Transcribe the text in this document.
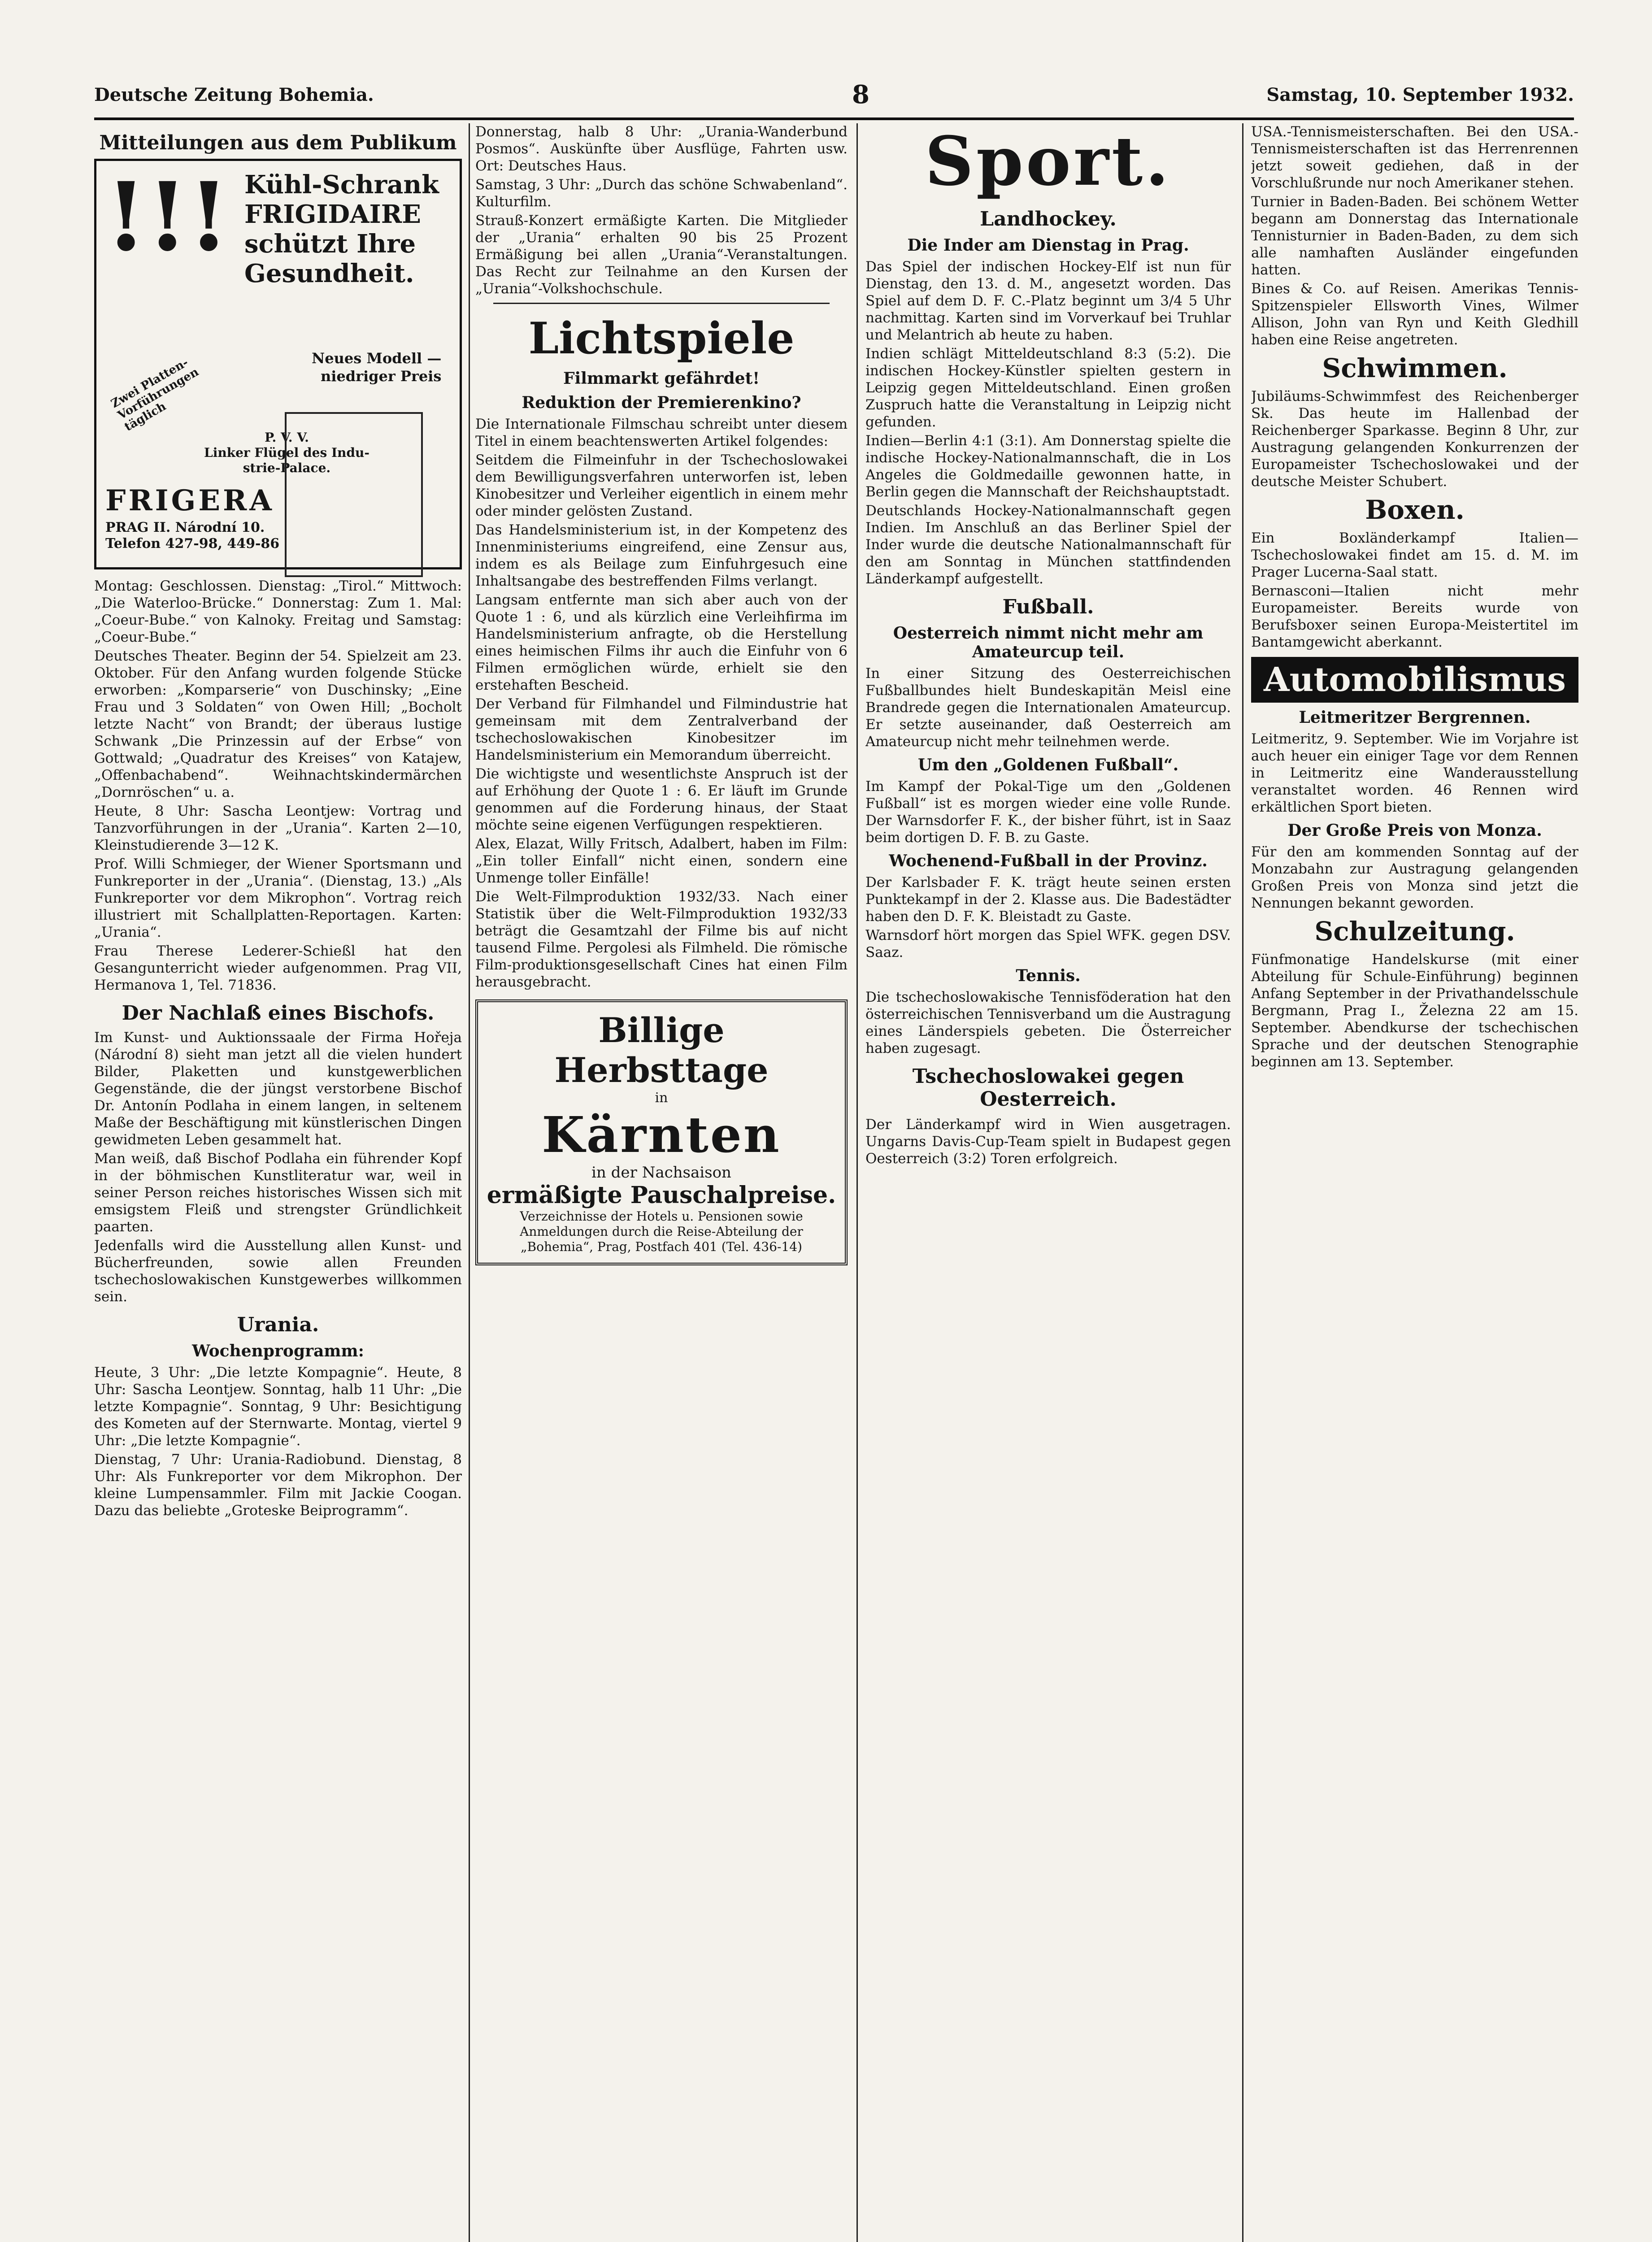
Deutsche Zeitung Bohemia.	8	Samstag, 10. September 1932.
Mitteilungen aus dem Publikum
!!! Kühl-Schrank
FRIGIDAIRE
schützt Ihre
Gesundheit.
Neues Modell —
niedriger Preis
Zwei Platten-Vorführungen täglich
P. V. V.
Linker Flügel des Indu-
strie-Palace.
FRIGERA
PRAG II. Národní 10.
Telefon 427-98, 449-86

Montag: Geschlossen. Dienstag: „Tirol.“ Mittwoch: „Die Waterloo-Brücke.“ Donnerstag: Zum 1. Mal: „Coeur-Bube.“ von Kalnoky. Freitag und Samstag: „Coeur-Bube.“

Deutsches Theater. Beginn der 54. Spielzeit am 23. Oktober. Für den Anfang wurden folgende Stücke erworben: „Komparserie“ von Duschinsky; „Eine Frau und 3 Soldaten“ von Owen Hill; „Bocholt letzte Nacht“ von Brandt; der überaus lustige Schwank „Die Prinzessin auf der Erbse“ von Gottwald; „Quadratur des Kreises“ von Katajew, „Offenbachabend“. Weihnachtskindermärchen „Dornröschen“ u. a.

Heute, 8 Uhr: Sascha Leontjew: Vortrag und Tanzvorführungen in der „Urania“. Karten 2—10, Kleinstudierende 3—12 K.

Prof. Willi Schmieger, der Wiener Sportsmann und Funkreporter in der „Urania“. (Dienstag, 13.) „Als Funkreporter vor dem Mikrophon“. Vortrag reich illustriert mit Schallplatten-Reportagen. Karten: „Urania“.

Frau Therese Lederer-Schießl hat den Gesangunterricht wieder aufgenommen. Prag VII, Hermanova 1, Tel. 71836.

Der Nachlaß eines Bischofs.

Im Kunst- und Auktionssaale der Firma Hořeja (Národní 8) sieht man jetzt all die vielen hundert Bilder, Plaketten und kunstgewerblichen Gegenstände, die der jüngst verstorbene Bischof Dr. Antonín Podlaha in einem langen, in seltenem Maße der Beschäftigung mit künstlerischen Dingen gewidmeten Leben gesammelt hat.

Man weiß, daß Bischof Podlaha ein führender Kopf in der böhmischen Kunstliteratur war, weil in seiner Person reiches historisches Wissen sich mit emsigstem Fleiß und strengster Gründlichkeit paarten.

Jedenfalls wird die Ausstellung allen Kunst- und Bücherfreunden, sowie allen Freunden tschechoslowakischen Kunstgewerbes willkommen sein.

Urania.
Wochenprogramm:

Heute, 3 Uhr: „Die letzte Kompagnie“. Heute, 8 Uhr: Sascha Leontjew. Sonntag, halb 11 Uhr: „Die letzte Kompagnie“. Sonntag, 9 Uhr: Besichtigung des Kometen auf der Sternwarte. Montag, viertel 9 Uhr: „Die letzte Kompagnie“.

Dienstag, 7 Uhr: Urania-Radiobund. Dienstag, 8 Uhr: Als Funkreporter vor dem Mikrophon. Der kleine Lumpensammler. Film mit Jackie Coogan. Dazu das beliebte „Groteske Beiprogramm“.

Donnerstag, halb 8 Uhr: „Urania-Wanderbund Posmos“. Auskünfte über Ausflüge, Fahrten usw. Ort: Deutsches Haus.

Samstag, 3 Uhr: „Durch das schöne Schwabenland“. Kulturfilm.

Strauß-Konzert ermäßigte Karten. Die Mitglieder der „Urania“ erhalten 90 bis 25 Prozent Ermäßigung bei allen „Urania“-Veranstaltungen. Das Recht zur Teilnahme an den Kursen der „Urania“-Volkshochschule.

Lichtspiele
Filmmarkt gefährdet!
Reduktion der Premierenkino?

Die Internationale Filmschau schreibt unter diesem Titel in einem beachtenswerten Artikel folgendes:

Seitdem die Filmeinfuhr in der Tschechoslowakei dem Bewilligungsverfahren unterworfen ist, leben Kinobesitzer und Verleiher eigentlich in einem mehr oder minder gelösten Zustand.

Das Handelsministerium ist, in der Kompetenz des Innenministeriums eingreifend, eine Zensur aus, indem es als Beilage zum Einfuhrgesuch eine Inhaltsangabe des bestreffenden Films verlangt.

Langsam entfernte man sich aber auch von der Quote 1 : 6, und als kürzlich eine Verleihfirma im Handelsministerium anfragte, ob die Herstellung eines heimischen Films ihr auch die Einfuhr von 6 Filmen ermöglichen würde, erhielt sie den erstehaften Bescheid.

Der Verband für Filmhandel und Filmindustrie hat gemeinsam mit dem Zentralverband der tschechoslowakischen Kinobesitzer im Handelsministerium ein Memorandum überreicht.

Die wichtigste und wesentlichste Anspruch ist der auf Erhöhung der Quote 1 : 6. Er läuft im Grunde genommen auf die Forderung hinaus, der Staat möchte seine eigenen Verfügungen respektieren.

Alex, Elazat, Willy Fritsch, Adalbert, haben im Film: „Ein toller Einfall“ nicht einen, sondern eine Unmenge toller Einfälle!

Die Welt-Filmproduktion 1932/33. Nach einer Statistik über die Welt-Filmproduktion 1932/33 beträgt die Gesamtzahl der Filme bis auf nicht tausend Filme. Pergolesi als Filmheld. Die römische Film-produktionsgesellschaft Cines hat einen Film herausgebracht.

Billige Herbsttage
in
Kärnten
in der Nachsaison
ermäßigte Pauschalpreise.
Verzeichnisse der Hotels u. Pensionen sowie Anmeldungen durch die Reise-Abteilung der „Bohemia“, Prag, Postfach 401 (Tel. 436-14)
Sport.
Landhockey.
Die Inder am Dienstag in Prag.

Das Spiel der indischen Hockey-Elf ist nun für Dienstag, den 13. d. M., angesetzt worden. Das Spiel auf dem D. F. C.-Platz beginnt um 3/4 5 Uhr nachmittag. Karten sind im Vorverkauf bei Truhlar und Melantrich ab heute zu haben.

Indien schlägt Mitteldeutschland 8:3 (5:2). Die indischen Hockey-Künstler spielten gestern in Leipzig gegen Mitteldeutschland. Einen großen Zuspruch hatte die Veranstaltung in Leipzig nicht gefunden.

Indien—Berlin 4:1 (3:1). Am Donnerstag spielte die indische Hockey-Nationalmannschaft, die in Los Angeles die Goldmedaille gewonnen hatte, in Berlin gegen die Mannschaft der Reichshauptstadt.

Deutschlands Hockey-Nationalmannschaft gegen Indien. Im Anschluß an das Berliner Spiel der Inder wurde die deutsche Nationalmannschaft für den am Sonntag in München stattfindenden Länderkampf aufgestellt.

Fußball.
Oesterreich nimmt nicht mehr am Amateurcup teil.

In einer Sitzung des Oesterreichischen Fußballbundes hielt Bundeskapitän Meisl eine Brandrede gegen die Internationalen Amateurcup. Er setzte auseinander, daß Oesterreich am Amateurcup nicht mehr teilnehmen werde.

Um den „Goldenen Fußball“.

Im Kampf der Pokal-Tige um den „Goldenen Fußball“ ist es morgen wieder eine volle Runde. Der Warnsdorfer F. K., der bisher führt, ist in Saaz beim dortigen D. F. B. zu Gaste.

Wochenend-Fußball in der Provinz.

Der Karlsbader F. K. trägt heute seinen ersten Punktekampf in der 2. Klasse aus. Die Badestädter haben den D. F. K. Bleistadt zu Gaste.

Warnsdorf hört morgen das Spiel WFK. gegen DSV. Saaz.

Tennis.

Die tschechoslowakische Tennisföderation hat den österreichischen Tennisverband um die Austragung eines Länderspiels gebeten. Die Österreicher haben zugesagt.

Tschechoslowakei gegen Oesterreich.

Der Länderkampf wird in Wien ausgetragen. Ungarns Davis-Cup-Team spielt in Budapest gegen Oesterreich (3:2) Toren erfolgreich.

USA.-Tennismeisterschaften. Bei den USA.-Tennismeisterschaften ist das Herrenrennen jetzt soweit gediehen, daß in der Vorschlußrunde nur noch Amerikaner stehen.

Turnier in Baden-Baden. Bei schönem Wetter begann am Donnerstag das Internationale Tennisturnier in Baden-Baden, zu dem sich alle namhaften Ausländer eingefunden hatten.

Bines & Co. auf Reisen. Amerikas Tennis-Spitzenspieler Ellsworth Vines, Wilmer Allison, John van Ryn und Keith Gledhill haben eine Reise angetreten.

Schwimmen.

Jubiläums-Schwimmfest des Reichenberger Sk. Das heute im Hallenbad der Reichenberger Sparkasse. Beginn 8 Uhr, zur Austragung gelangenden Konkurrenzen der Europameister Tschechoslowakei und der deutsche Meister Schubert.

Boxen.

Ein Boxländerkampf Italien—Tschechoslowakei findet am 15. d. M. im Prager Lucerna-Saal statt.

Bernasconi—Italien nicht mehr Europameister. Bereits wurde von Berufsboxer seinen Europa-Meistertitel im Bantamgewicht aberkannt.

Automobilismus
Leitmeritzer Bergrennen.

Leitmeritz, 9. September. Wie im Vorjahre ist auch heuer ein einiger Tage vor dem Rennen in Leitmeritz eine Wanderausstellung veranstaltet worden. 46 Rennen wird erkältlichen Sport bieten.

Der Große Preis von Monza.

Für den am kommenden Sonntag auf der Monzabahn zur Austragung gelangenden Großen Preis von Monza sind jetzt die Nennungen bekannt geworden.

Schulzeitung.

Fünfmonatige Handelskurse (mit einer Abteilung für Schule-Einführung) beginnen Anfang September in der Privathandelsschule Bergmann, Prag I., Železna 22 am 15. September. Abendkurse der tschechischen Sprache und der deutschen Stenographie beginnen am 13. September.
